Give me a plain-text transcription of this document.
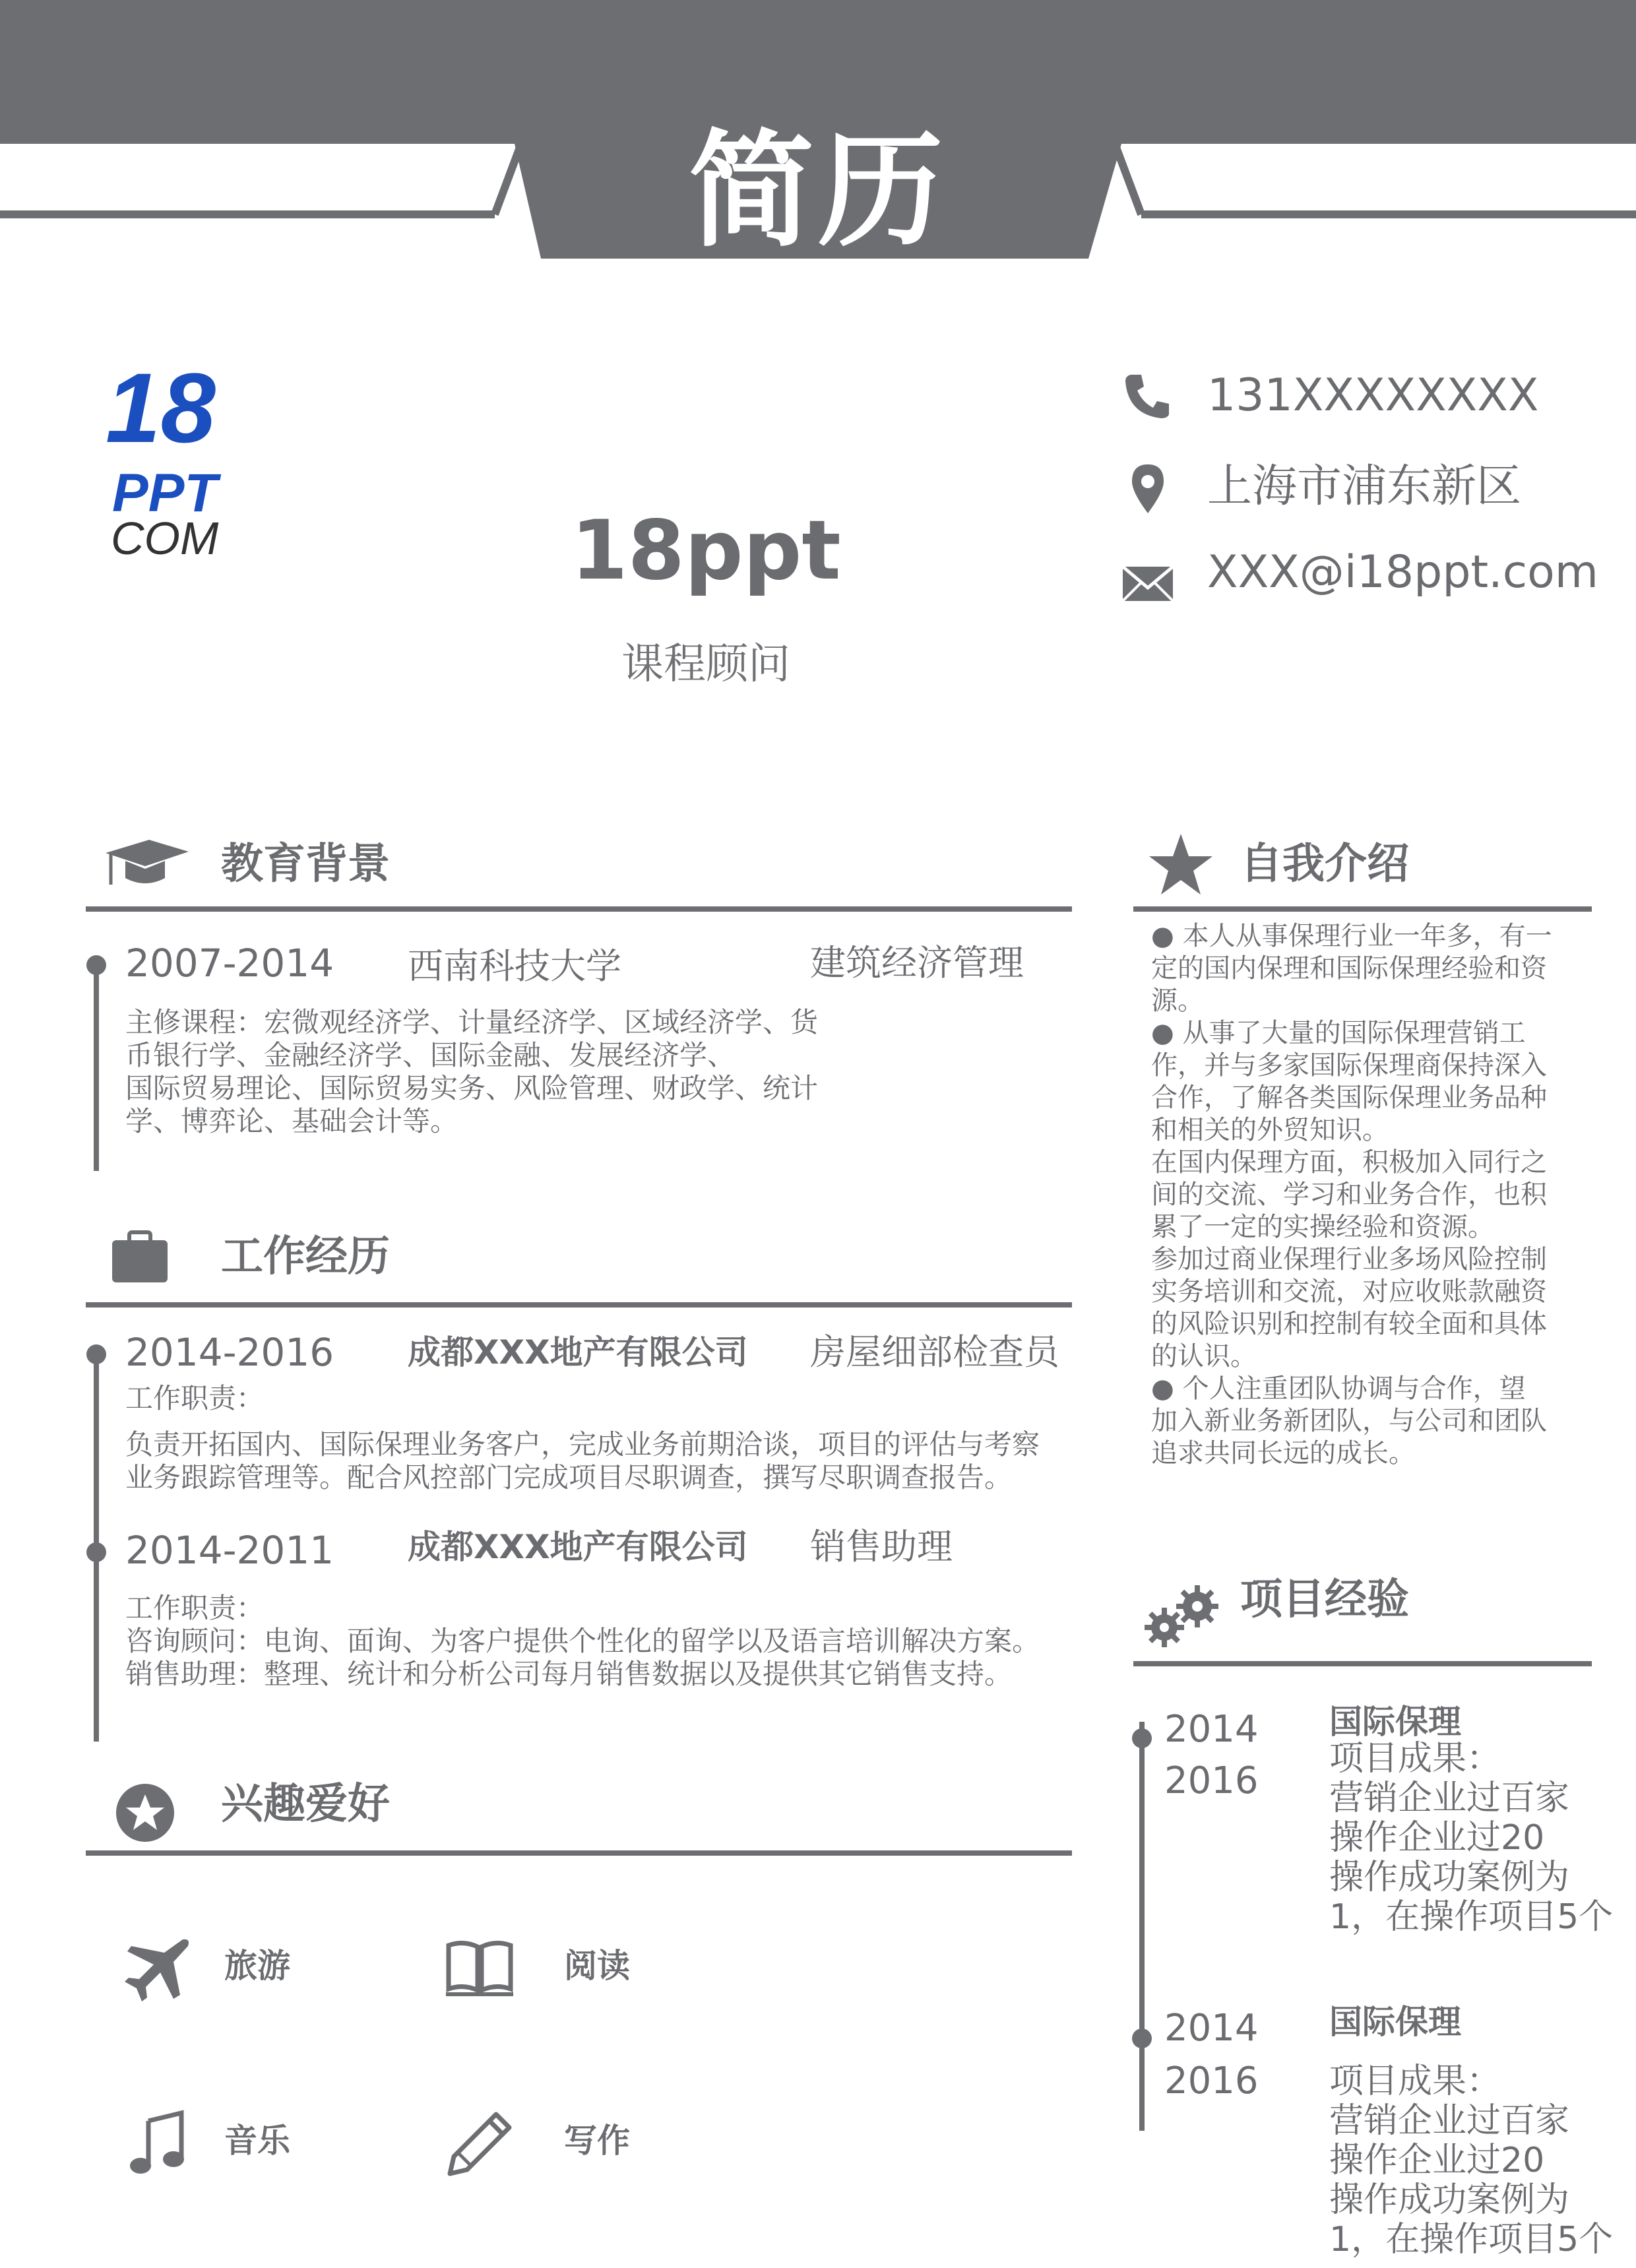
简历
18
PPT
COM	18ppt
课程顾问
131XXXXXXXX
上海市浦东新区
XXX@i18ppt.com
教育背景
2007-2014 西南科技大学	建筑经济管理
主修课程：宏微观经济学、计量经济学、区域经济学、货
币银行学、金融经济学、国际金融、发展经济学、
国际贸易理论、国际贸易实务、风险管理、财政学、统计
学、博弈论、基础会计等。
工作经历
2014-2016 成都XXX地产有限公司 房屋细部检查员
工作职责：
负责开拓国内、国际保理业务客户，完成业务前期洽谈，项目的评估与考察
业务跟踪管理等。配合风控部门完成项目尽职调查，撰写尽职调查报告。
2014-2011 成都XXX地产有限公司 销售助理
工作职责：
咨询顾问：电询、面询、为客户提供个性化的留学以及语言培训解决方案。
销售助理：整理、统计和分析公司每月销售数据以及提供其它销售支持。
兴趣爱好
旅游	阅读
音乐	写作
自我介绍

● 本人从事保理行业一年多，有一

定的国内保理和国际保理经验和资

源。

● 从事了大量的国际保理营销工

作，并与多家国际保理商保持深入

合作，了解各类国际保理业务品种

和相关的外贸知识。

在国内保理方面，积极加入同行之

间的交流、学习和业务合作，也积

累了一定的实操经验和资源。

参加过商业保理行业多场风险控制

实务培训和交流，对应收账款融资

的风险识别和控制有较全面和具体

的认识。

● 个人注重团队协调与合作，望

加入新业务新团队，与公司和团队

追求共同长远的成长。

项目经验
2014
2016
国际保理
项目成果：
营销企业过百家
操作企业过20
操作成功案例为
1，在操作项目5个
2014
2016
国际保理
项目成果：
营销企业过百家
操作企业过20
操作成功案例为
1，在操作项目5个
